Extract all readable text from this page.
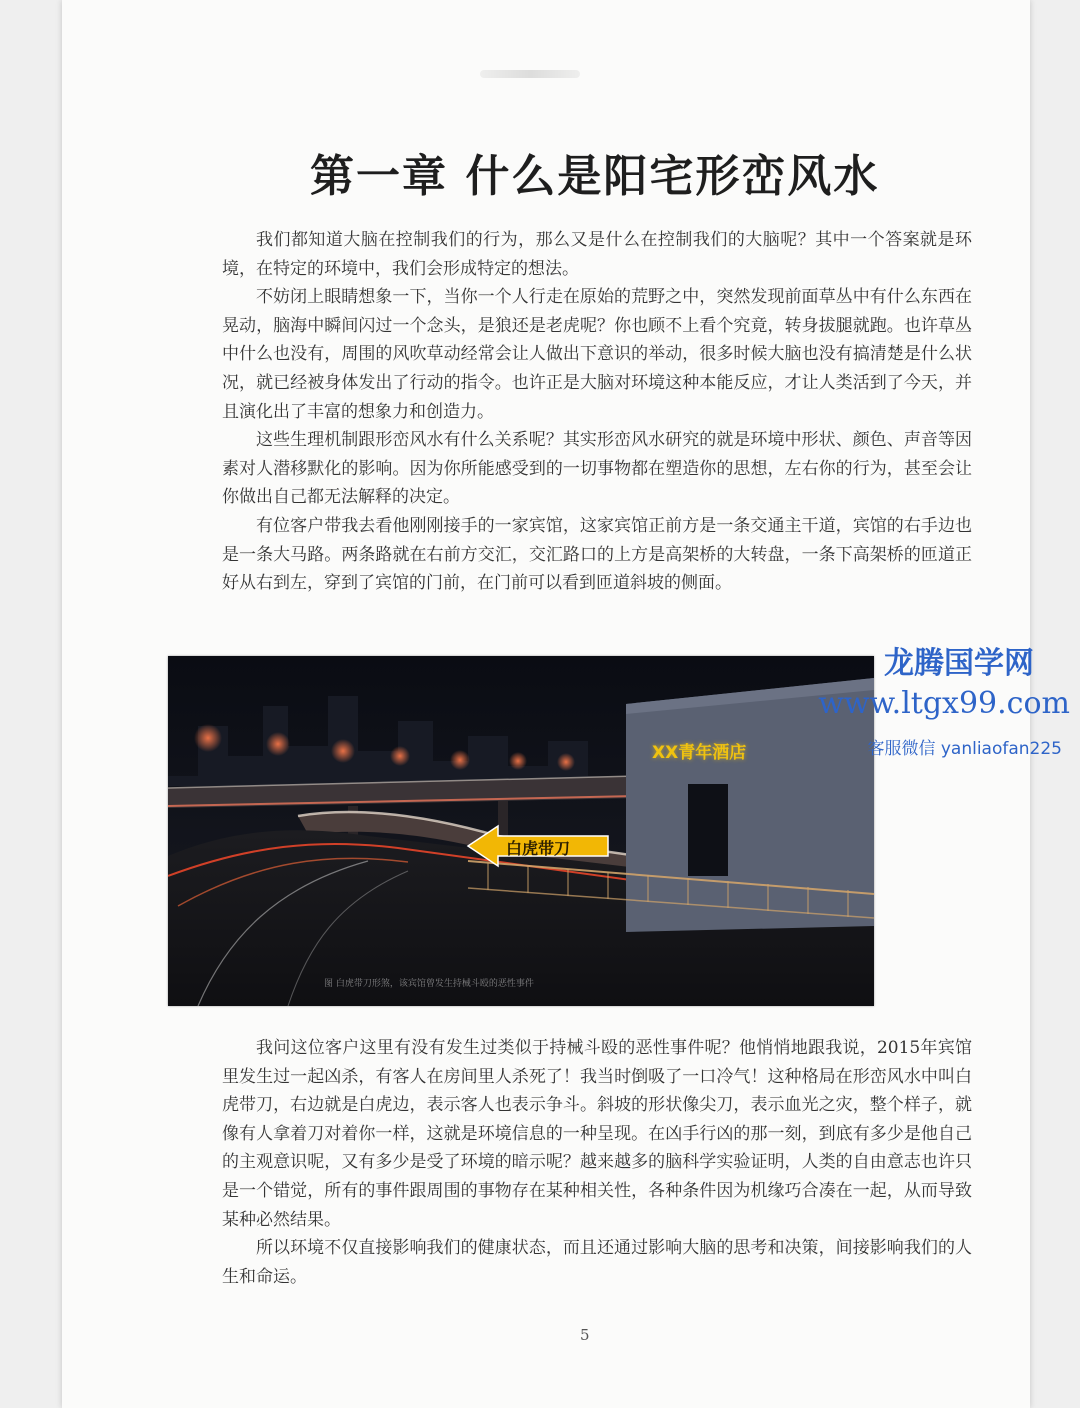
第一章 什么是阳宅形峦风水

我们都知道大脑在控制我们的行为，那么又是什么在控制我们的大脑呢？其中一个答案就是环境，在特定的环境中，我们会形成特定的想法。

不妨闭上眼睛想象一下，当你一个人行走在原始的荒野之中，突然发现前面草丛中有什么东西在晃动，脑海中瞬间闪过一个念头，是狼还是老虎呢？你也顾不上看个究竟，转身拔腿就跑。也许草丛中什么也没有，周围的风吹草动经常会让人做出下意识的举动，很多时候大脑也没有搞清楚是什么状况，就已经被身体发出了行动的指令。也许正是大脑对环境这种本能反应，才让人类活到了今天，并且演化出了丰富的想象力和创造力。

这些生理机制跟形峦风水有什么关系呢？其实形峦风水研究的就是环境中形状、颜色、声音等因素对人潜移默化的影响。因为你所能感受到的一切事物都在塑造你的思想，左右你的行为，甚至会让你做出自己都无法解释的决定。

有位客户带我去看他刚刚接手的一家宾馆，这家宾馆正前方是一条交通主干道，宾馆的右手边也是一条大马路。两条路就在右前方交汇，交汇路口的上方是高架桥的大转盘，一条下高架桥的匝道正好从右到左，穿到了宾馆的门前，在门前可以看到匝道斜坡的侧面。

我问这位客户这里有没有发生过类似于持械斗殴的恶性事件呢？他悄悄地跟我说，2015年宾馆里发生过一起凶杀，有客人在房间里人杀死了！我当时倒吸了一口冷气！这种格局在形峦风水中叫白虎带刀，右边就是白虎边，表示客人也表示争斗。斜坡的形状像尖刀，表示血光之灾，整个样子，就像有人拿着刀对着你一样，这就是环境信息的一种呈现。在凶手行凶的那一刻，到底有多少是他自己的主观意识呢，又有多少是受了环境的暗示呢？越来越多的脑科学实验证明，人类的自由意志也许只是一个错觉，所有的事件跟周围的事物存在某种相关性，各种条件因为机缘巧合凑在一起，从而导致某种必然结果。

所以环境不仅直接影响我们的健康状态，而且还通过影响大脑的思考和决策，间接影响我们的人生和命运。

5
XX青年酒店
白虎带刀
图 白虎带刀形煞，该宾馆曾发生持械斗殴的恶性事件
龙腾国学网
www.ltgx99.com
客服微信 yanliaofan225
